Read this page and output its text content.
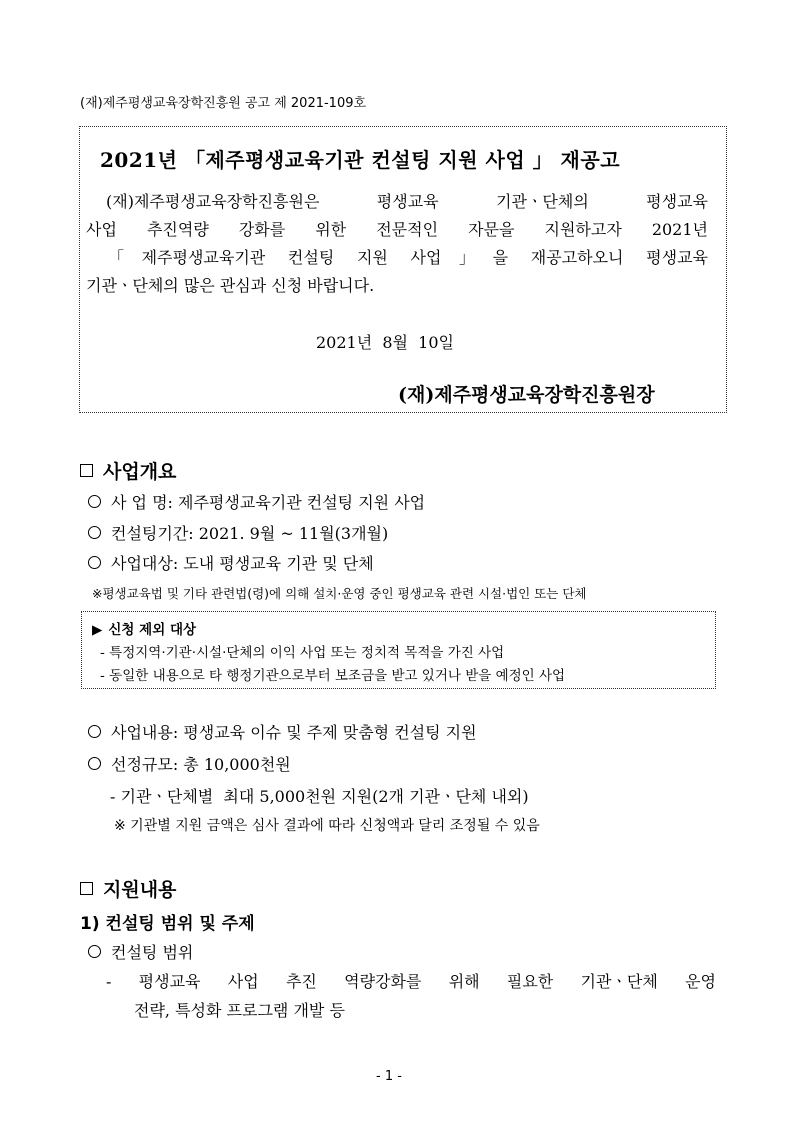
(재)제주평생교육장학진흥원 공고 제 2021-109호
2021년 「제주평생교육기관 컨설팅 지원 사업 」 재공고

(재)제주평생교육장학진흥원은 평생교육 기관ㆍ단체의 평생교육

사업 추진역량 강화를 위한 전문적인 자문을 지원하고자 2021년

「제주평생교육기관 컨설팅 지원 사업」을 재공고하오니 평생교육

기관ㆍ단체의 많은 관심과 신청 바랍니다.

2021년  8월  10일
(재)제주평생교육장학진흥원장
사업개요
사 업 명: 제주평생교육기관 컨설팅 지원 사업
컨설팅기간: 2021. 9월 ~ 11월(3개월)
사업대상: 도내 평생교육 기관 및 단체
※평생교육법 및 기타 관련법(령)에 의해 설치·운영 중인 평생교육 관련 시설·법인 또는 단체
▶ 신청 제외 대상
- 특정지역·기관·시설·단체의 이익 사업 또는 정치적 목적을 가진 사업
- 동일한 내용으로 타 행정기관으로부터 보조금을 받고 있거나 받을 예정인 사업
사업내용: 평생교육 이슈 및 주제 맞춤형 컨설팅 지원
선정규모: 총 10,000천원
- 기관ㆍ단체별  최대 5,000천원 지원(2개 기관ㆍ단체 내외)
※ 기관별 지원 금액은 심사 결과에 따라 신청액과 달리 조정될 수 있음
지원내용
1) 컨설팅 범위 및 주제
컨설팅 범위
- 평생교육 사업 추진 역량강화를 위해 필요한 기관ㆍ단체 운영
전략, 특성화 프로그램 개발 등
- 1 -
